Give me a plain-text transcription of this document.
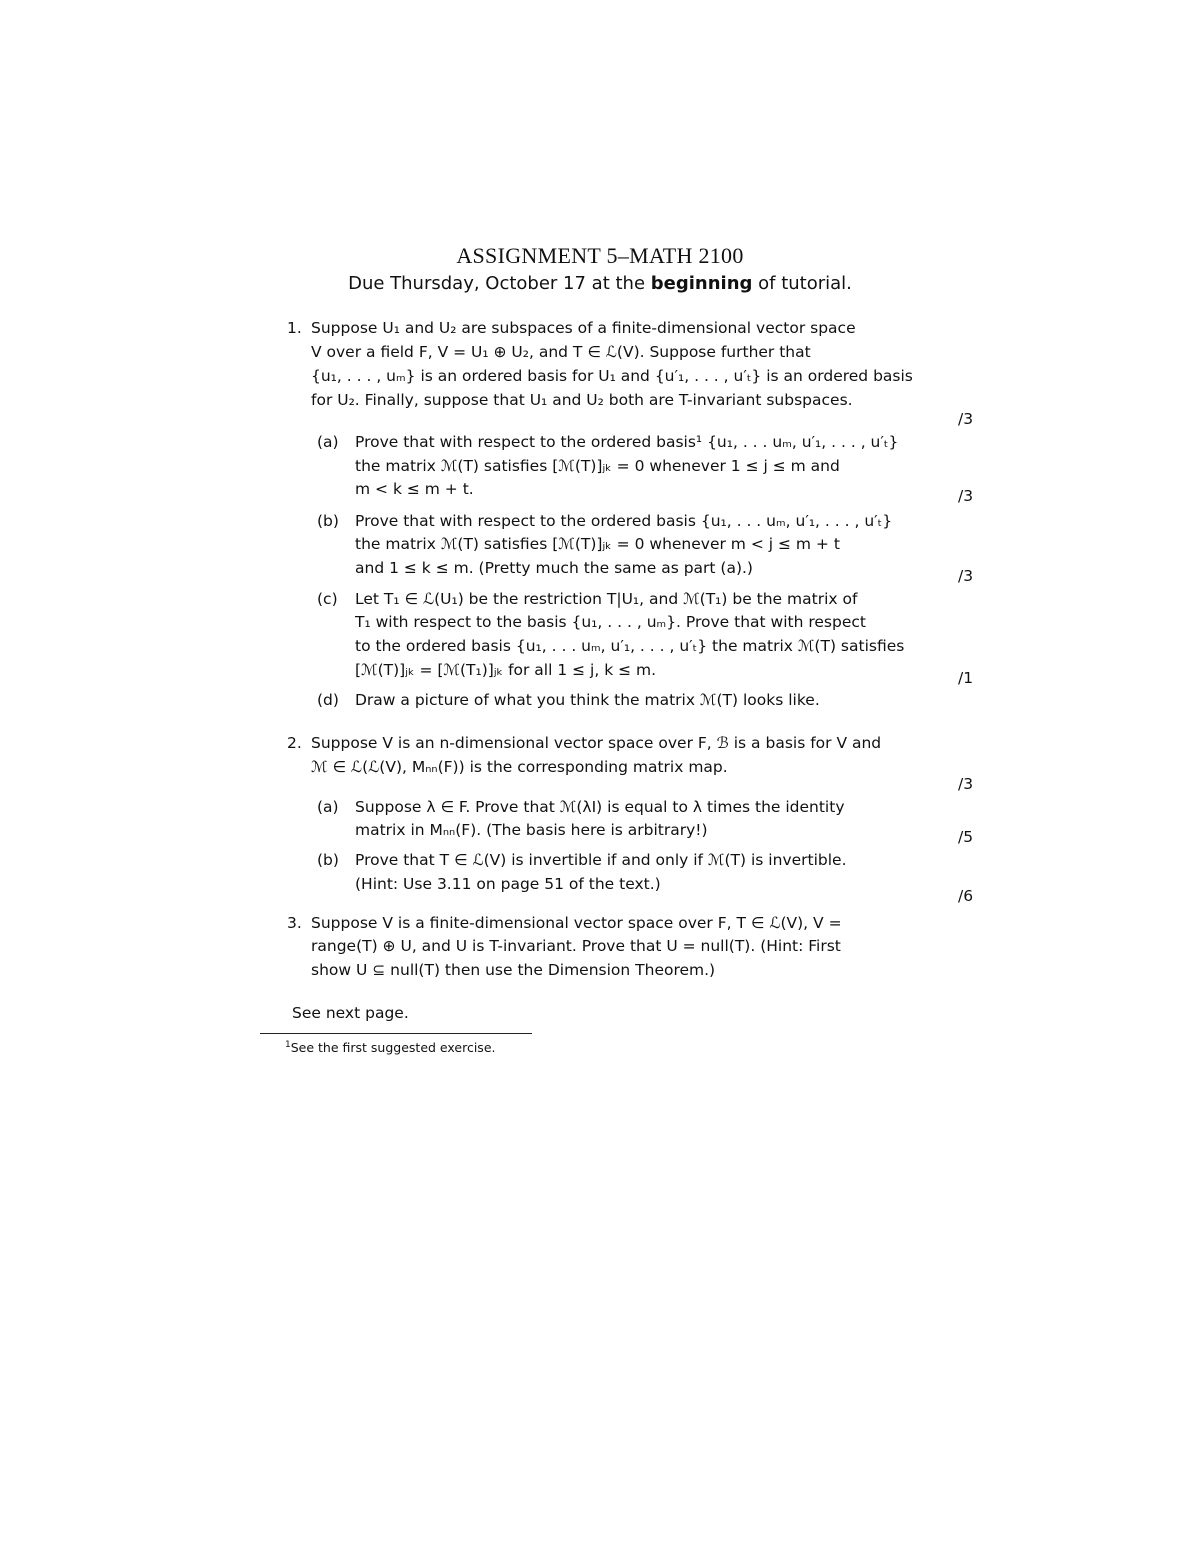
ASSIGNMENT 5–MATH 2100
Due Thursday, October 17 at the beginning of tutorial.
1. Suppose U₁ and U₂ are subspaces of a finite-dimensional vector space
V over a field F, V = U₁ ⊕ U₂, and T ∈ ℒ(V). Suppose further that
{u₁, . . . , uₘ} is an ordered basis for U₁ and {u′₁, . . . , u′ₜ} is an ordered basis
for U₂. Finally, suppose that U₁ and U₂ both are T-invariant subspaces.
/3
(a) Prove that with respect to the ordered basis¹ {u₁, . . . uₘ, u′₁, . . . , u′ₜ}
the matrix ℳ(T) satisfies [ℳ(T)]ⱼₖ = 0 whenever 1 ≤ j ≤ m and
m < k ≤ m + t.	/3
(b) Prove that with respect to the ordered basis {u₁, . . . uₘ, u′₁, . . . , u′ₜ}
the matrix ℳ(T) satisfies [ℳ(T)]ⱼₖ = 0 whenever m < j ≤ m + t
and 1 ≤ k ≤ m. (Pretty much the same as part (a).)	/3
(c) Let T₁ ∈ ℒ(U₁) be the restriction T|U₁, and ℳ(T₁) be the matrix of
T₁ with respect to the basis {u₁, . . . , uₘ}. Prove that with respect
to the ordered basis {u₁, . . . uₘ, u′₁, . . . , u′ₜ} the matrix ℳ(T) satisfies
[ℳ(T)]ⱼₖ = [ℳ(T₁)]ⱼₖ for all 1 ≤ j, k ≤ m.	/1
(d) Draw a picture of what you think the matrix ℳ(T) looks like.
2. Suppose V is an n-dimensional vector space over F, ℬ is a basis for V and
ℳ ∈ ℒ(ℒ(V), Mₙₙ(F)) is the corresponding matrix map.
/3
(a) Suppose λ ∈ F. Prove that ℳ(λI) is equal to λ times the identity
matrix in Mₙₙ(F). (The basis here is arbitrary!)	/5
(b) Prove that T ∈ ℒ(V) is invertible if and only if ℳ(T) is invertible.
(Hint: Use 3.11 on page 51 of the text.)
/6
3. Suppose V is a finite-dimensional vector space over F, T ∈ ℒ(V), V =
range(T) ⊕ U, and U is T-invariant. Prove that U = null(T). (Hint: First
show U ⊆ null(T) then use the Dimension Theorem.)
See next page.
$^1$See the first suggested exercise.
